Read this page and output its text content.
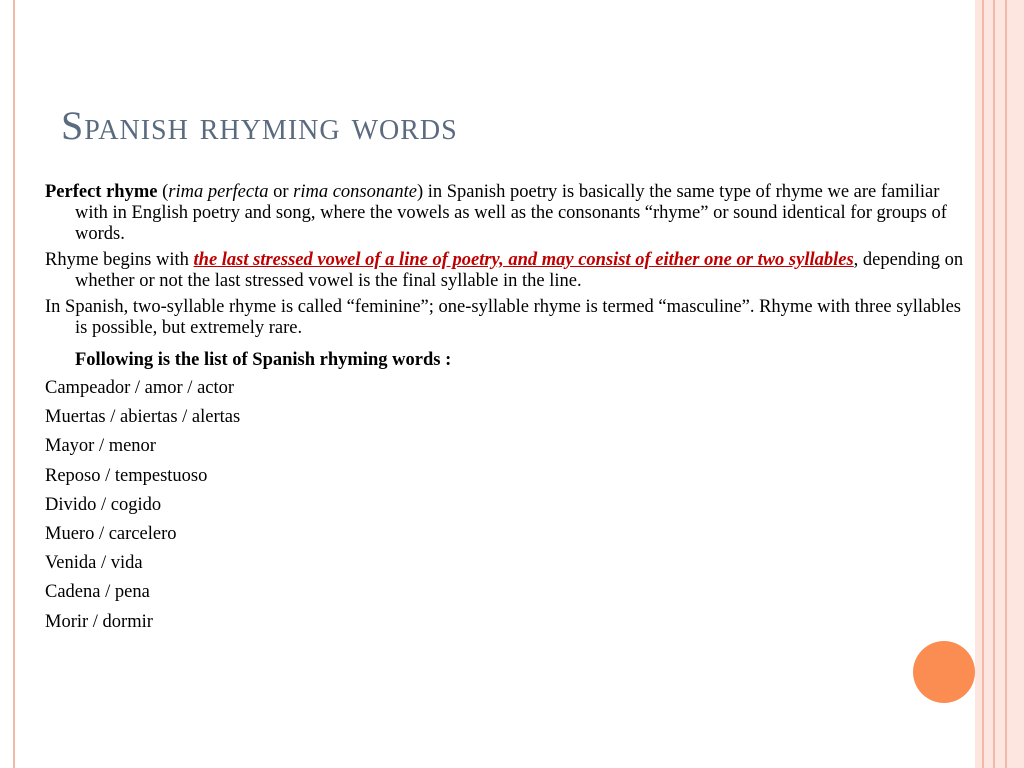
Spanish rhyming words

Perfect rhyme (rima perfecta or rima consonante) in Spanish poetry is basically the same type of rhyme we are familiar with in English poetry and song, where the vowels as well as the consonants “rhyme” or sound identical for groups of words.

Rhyme begins with the last stressed vowel of a line of poetry, and may consist of either one or two syllables, depending on whether or not the last stressed vowel is the final syllable in the line.

In Spanish, two-syllable rhyme is called “feminine”; one-syllable rhyme is termed “masculine”. Rhyme with three syllables is possible, but extremely rare.

Following is the list of Spanish rhyming words :

Campeador / amor / actor
Muertas / abiertas / alertas
Mayor / menor
Reposo / tempestuoso
Divido / cogido
Muero / carcelero
Venida / vida
Cadena / pena
Morir / dormir
